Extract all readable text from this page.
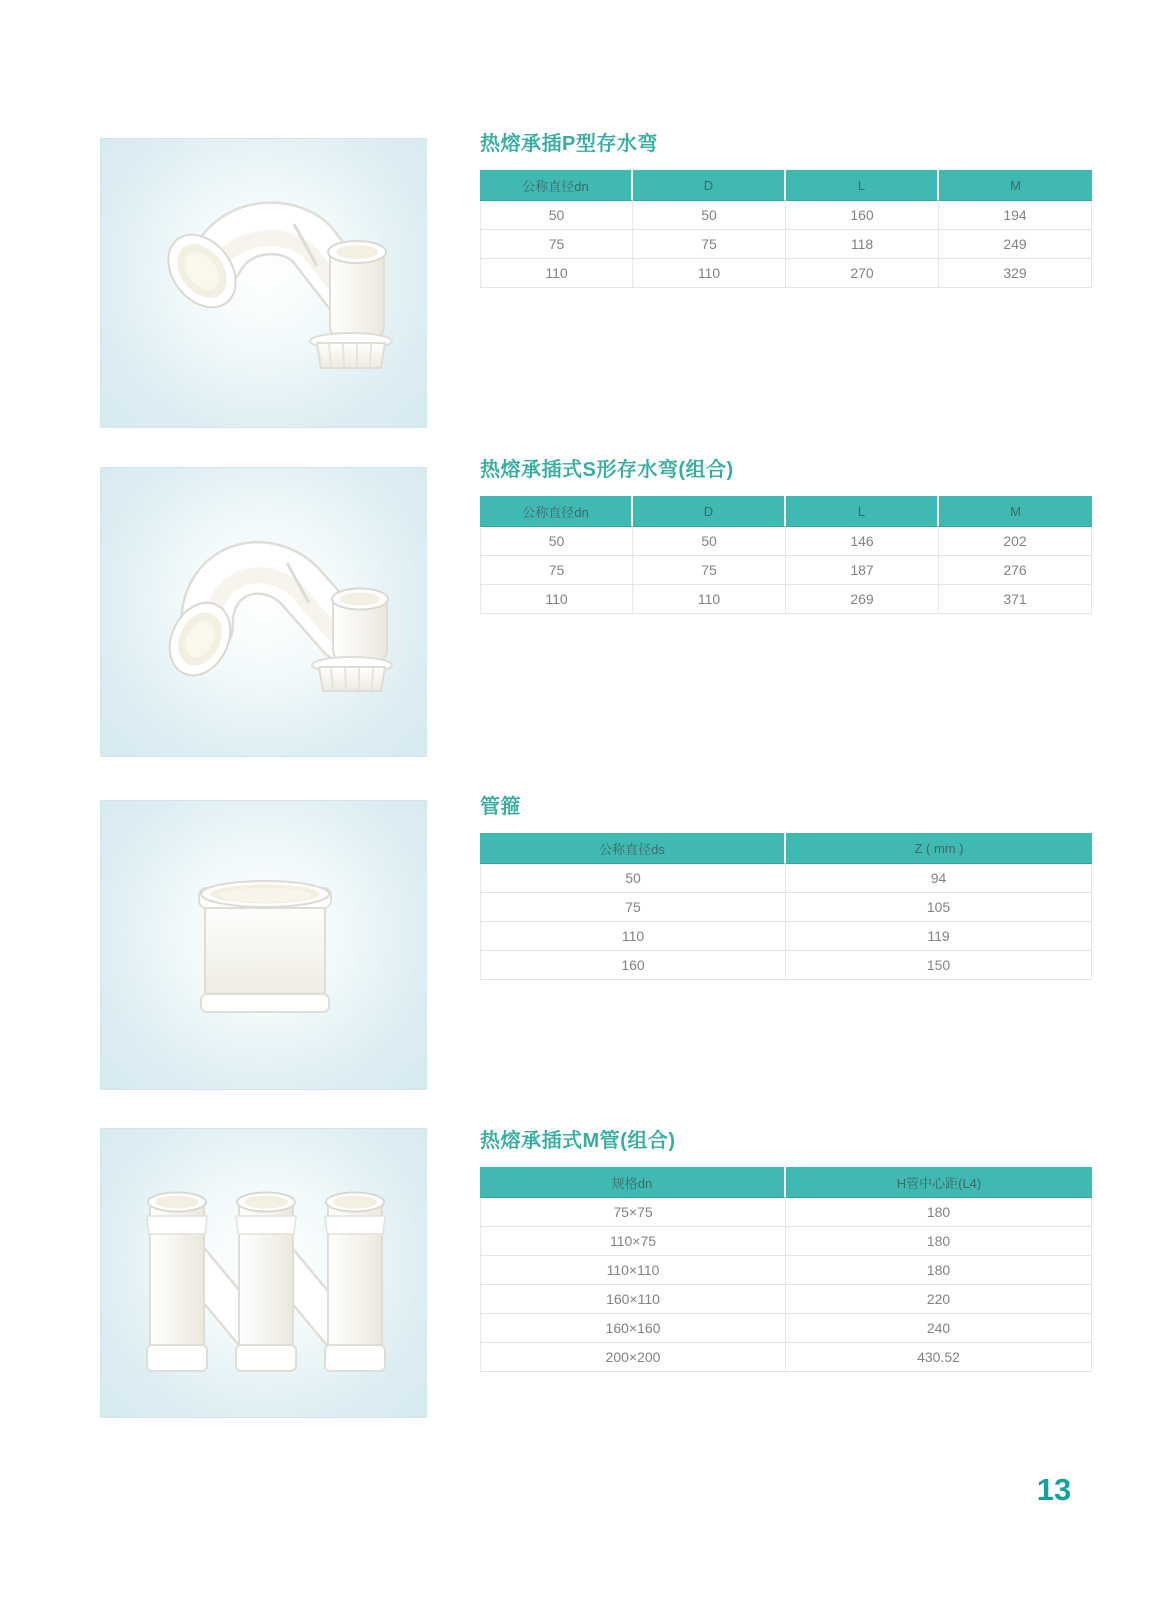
热熔承插P型存水弯
公称直径dn	D	L	M
50	50	160	194
75	75	118	249
110	110	270	329
热熔承插式S形存水弯(组合)
公称直径dn	D	L	M
50	50	146	202
75	75	187	276
110	110	269	371
管箍
公称直径ds	Z ( mm )
50	94
75	105
110	119
160	150
热熔承插式M管(组合)
规格dn	H管中心距(L4)
75×75	180
110×75	180
110×110	180
160×110	220
160×160	240
200×200	430.52
13
